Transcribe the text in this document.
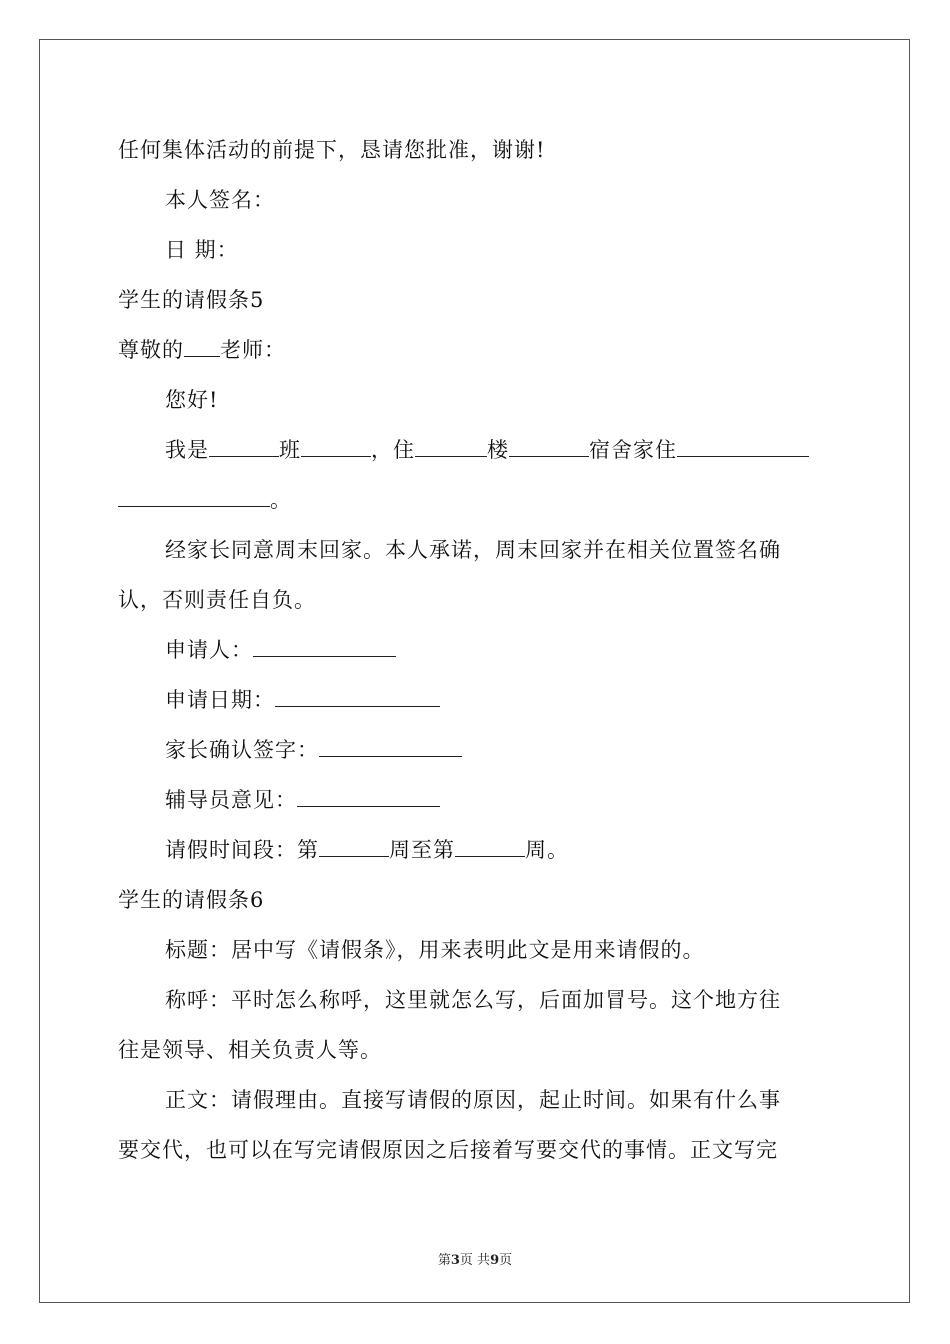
任何集体活动的前提下，恳请您批准，谢谢!
本人签名：
日 期：
学生的请假条5
尊敬的 老师：
您好!
我是	班	，住	楼	宿舍家住
。
经家长同意周末回家。本人承诺，周末回家并在相关位置签名确
认，否则责任自负。
申请人：
申请日期：
家长确认签字：
辅导员意见：
请假时间段：第	周至第	周。
学生的请假条6
标题：居中写《请假条》，用来表明此文是用来请假的。
称呼：平时怎么称呼，这里就怎么写，后面加冒号。这个地方往
往是领导、相关负责人等。
正文：请假理由。直接写请假的原因，起止时间。如果有什么事
要交代，也可以在写完请假原因之后接着写要交代的事情。正文写完
第3页 共9页
